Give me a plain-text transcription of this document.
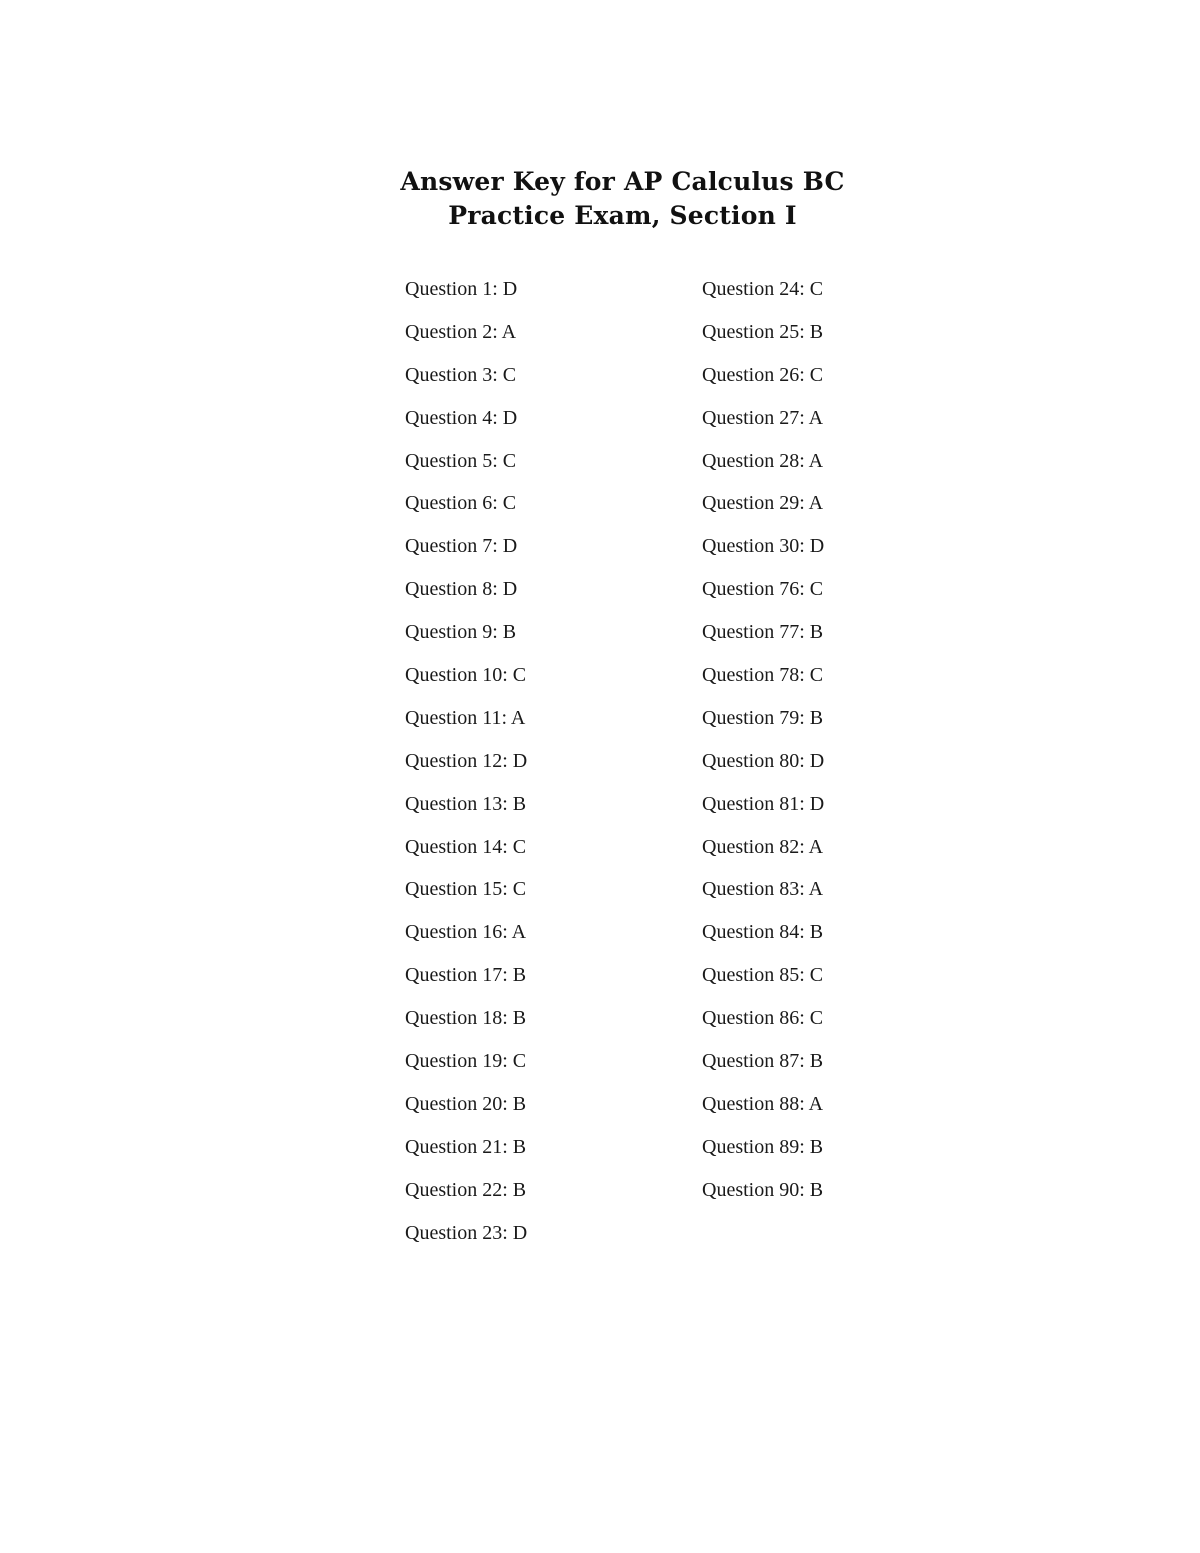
Answer Key for AP Calculus BC
Practice Exam, Section I
Question 1: D
Question 2: A
Question 3: C
Question 4: D
Question 5: C
Question 6: C
Question 7: D
Question 8: D
Question 9: B
Question 10: C
Question 11: A
Question 12: D
Question 13: B
Question 14: C
Question 15: C
Question 16: A
Question 17: B
Question 18: B
Question 19: C
Question 20: B
Question 21: B
Question 22: B
Question 23: D
Question 24: C
Question 25: B
Question 26: C
Question 27: A
Question 28: A
Question 29: A
Question 30: D
Question 76: C
Question 77: B
Question 78: C
Question 79: B
Question 80: D
Question 81: D
Question 82: A
Question 83: A
Question 84: B
Question 85: C
Question 86: C
Question 87: B
Question 88: A
Question 89: B
Question 90: B
